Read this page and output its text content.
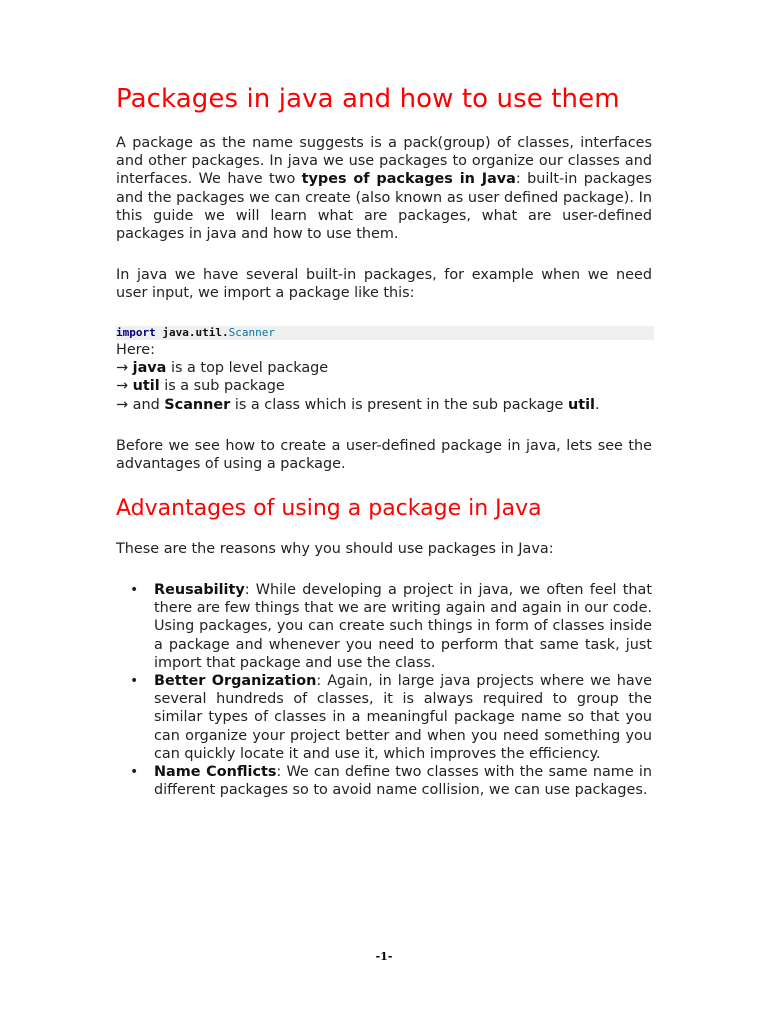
Packages in java and how to use them

A package as the name suggests is a pack(group) of classes, interfaces and other packages. In java we use packages to organize our classes and interfaces. We have two types of packages in Java: built-in packages and the packages we can create (also known as user defined package). In this guide we will learn what are packages, what are user-defined packages in java and how to use them.

In java we have several built-in packages, for example when we need user input, we import a package like this:

import java.util.Scanner
Here:
→ java is a top level package
→ util is a sub package
→ and Scanner is a class which is present in the sub package util.

Before we see how to create a user-defined package in java, lets see the advantages of using a package.

Advantages of using a package in Java

These are the reasons why you should use packages in Java:

• Reusability: While developing a project in java, we often feel that there are few things that we are writing again and again in our code. Using packages, you can create such things in form of classes inside a package and whenever you need to perform that same task, just import that package and use the class.
• Better Organization: Again, in large java projects where we have several hundreds of classes, it is always required to group the similar types of classes in a meaningful package name so that you can organize your project better and when you need something you can quickly locate it and use it, which improves the efficiency.
• Name Conflicts: We can define two classes with the same name in different packages so to avoid name collision, we can use packages.
-1-
